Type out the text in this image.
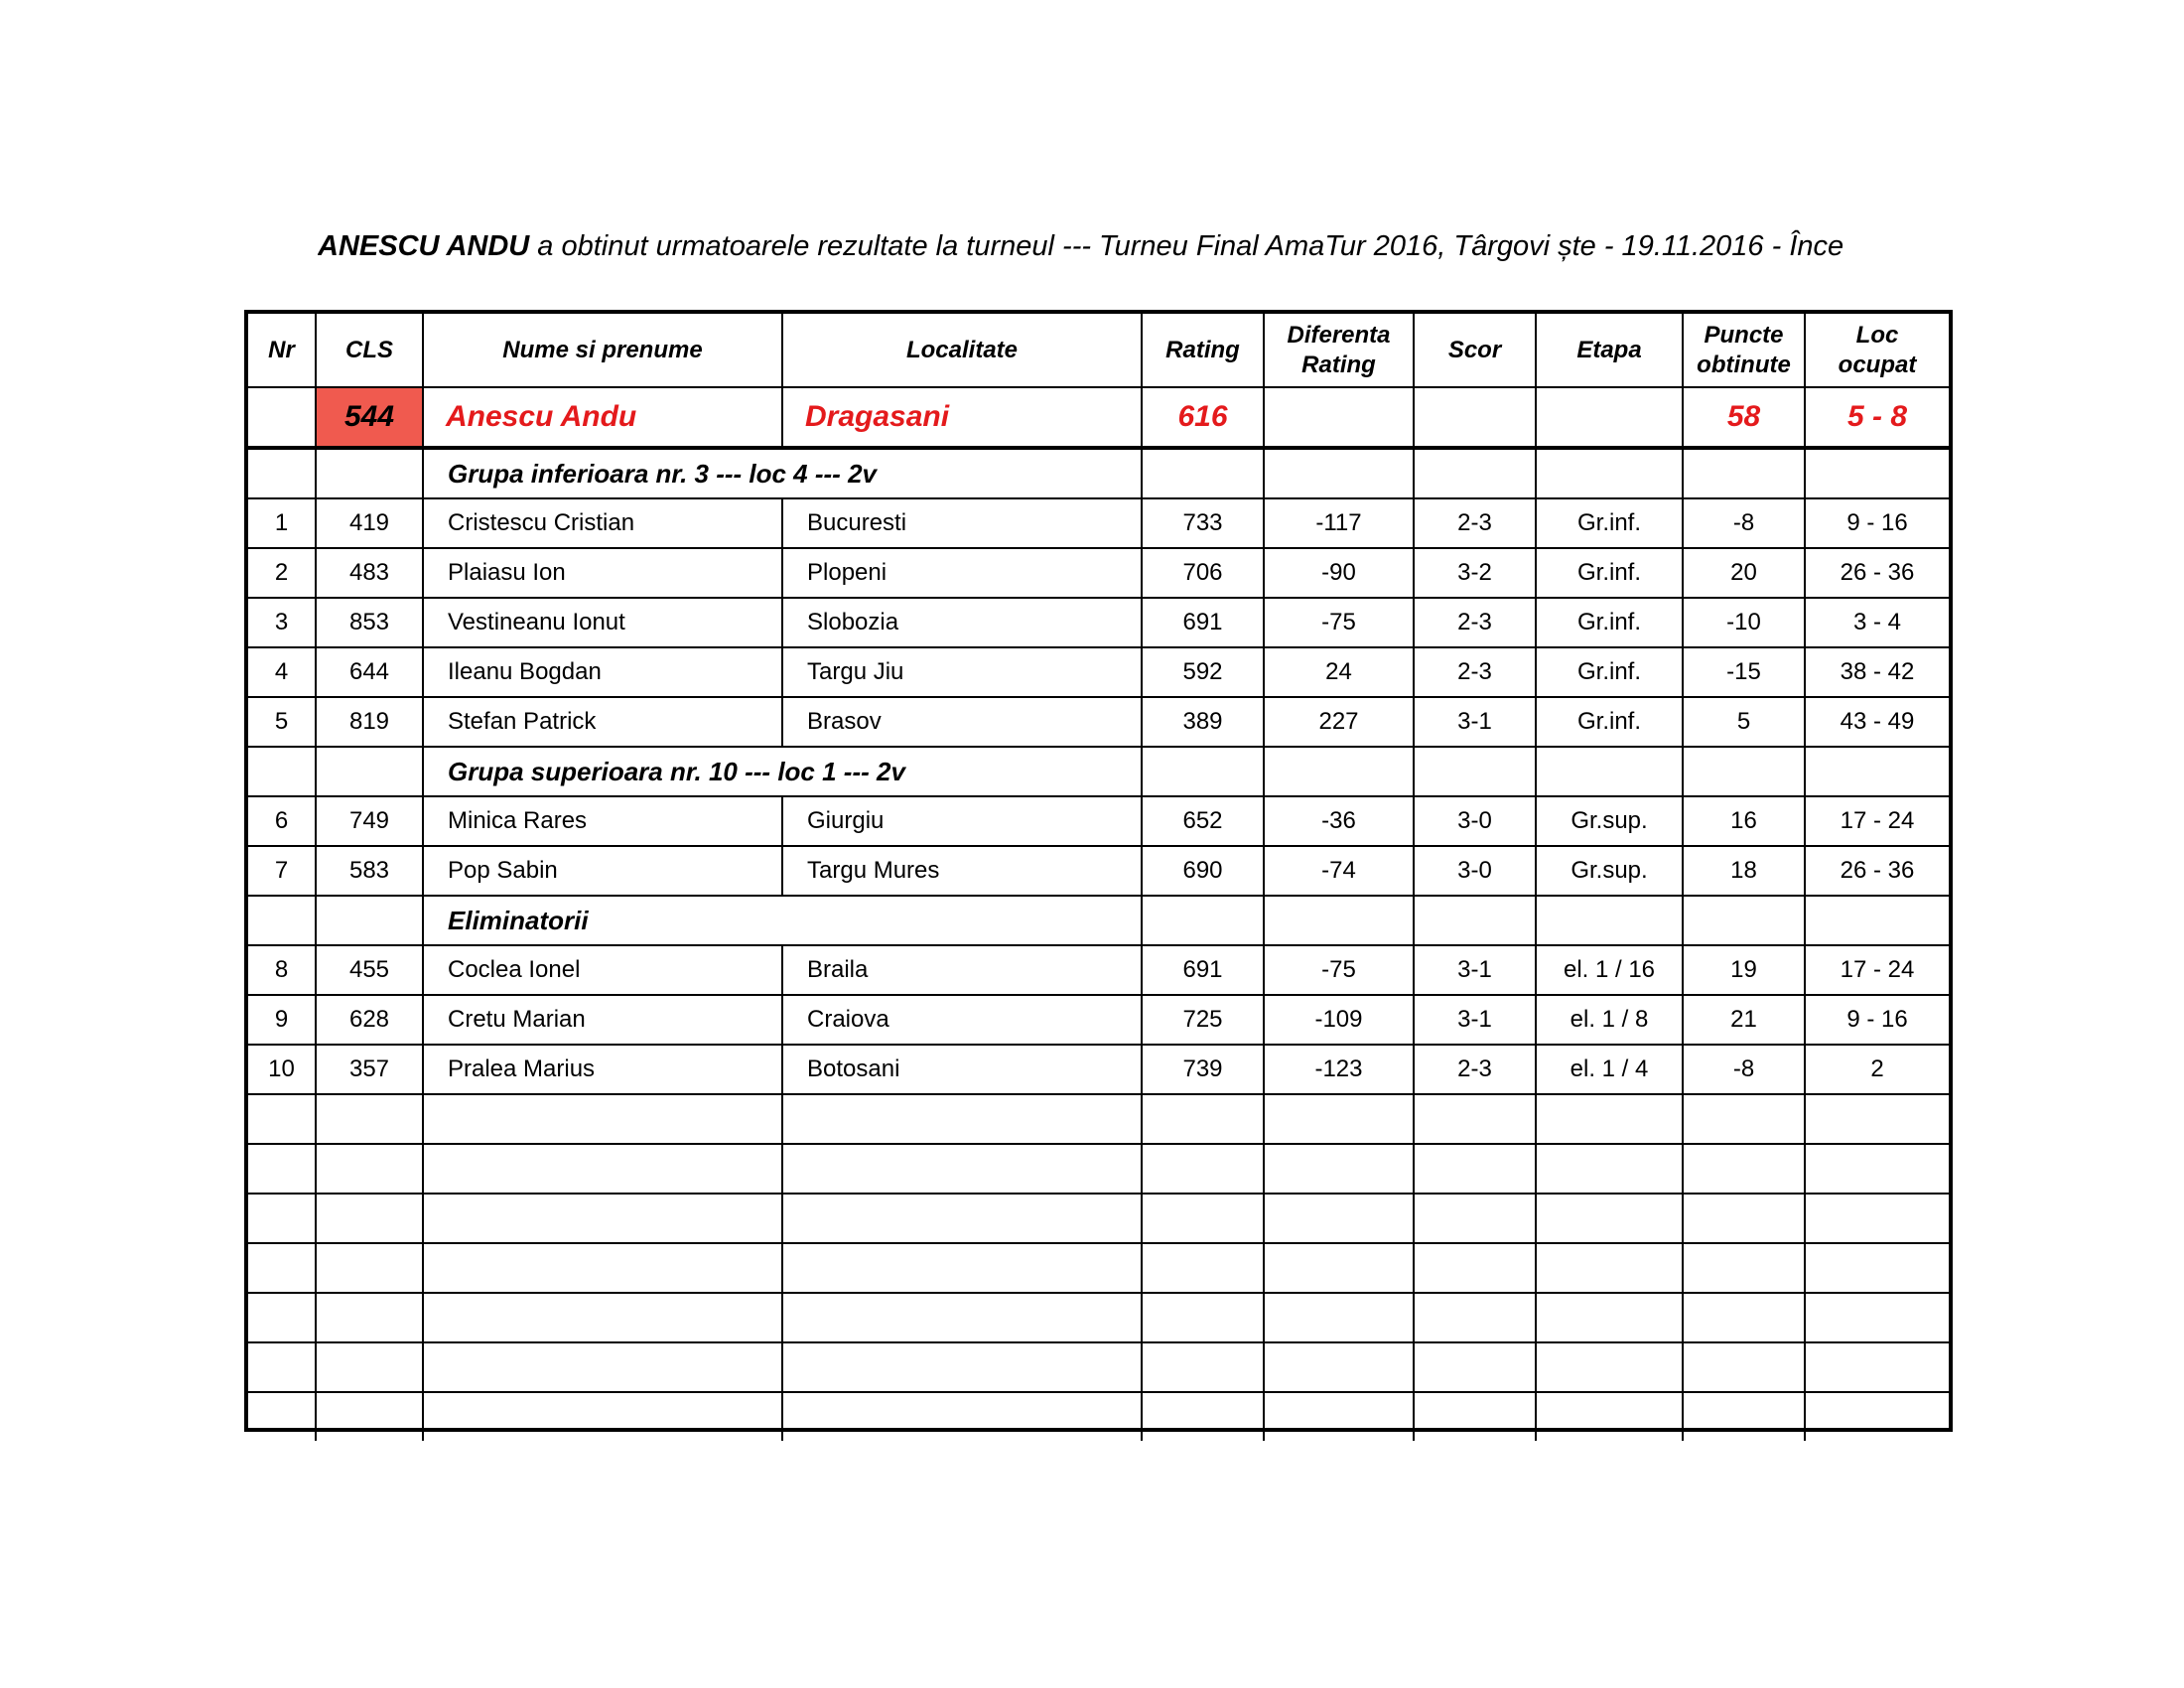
ANESCU ANDU a obtinut urmatoarele rezultate la turneul --- Turneu Final AmaTur 2016, Târgovi ște - 19.11.2016 - Înce
Nr	CLS	Nume si prenume	Localitate	Rating	Diferenta Rating	Scor	Etapa	Puncte obtinute	Loc ocupat
	544	Anescu Andu	Dragasani	616				58	5 - 8
		Grupa inferioara nr. 3 --- loc 4 --- 2v							
1	419	Cristescu Cristian	Bucuresti	733	-117	2-3	Gr.inf.	-8	9 - 16
2	483	Plaiasu Ion	Plopeni	706	-90	3-2	Gr.inf.	20	26 - 36
3	853	Vestineanu Ionut	Slobozia	691	-75	2-3	Gr.inf.	-10	3 - 4
4	644	Ileanu Bogdan	Targu Jiu	592	24	2-3	Gr.inf.	-15	38 - 42
5	819	Stefan Patrick	Brasov	389	227	3-1	Gr.inf.	5	43 - 49
		Grupa superioara nr. 10 --- loc 1 --- 2v							
6	749	Minica Rares	Giurgiu	652	-36	3-0	Gr.sup.	16	17 - 24
7	583	Pop Sabin	Targu Mures	690	-74	3-0	Gr.sup.	18	26 - 36
		Eliminatorii							
8	455	Coclea Ionel	Braila	691	-75	3-1	el. 1 / 16	19	17 - 24
9	628	Cretu Marian	Craiova	725	-109	3-1	el. 1 / 8	21	9 - 16
10	357	Pralea Marius	Botosani	739	-123	2-3	el. 1 / 4	-8	2
